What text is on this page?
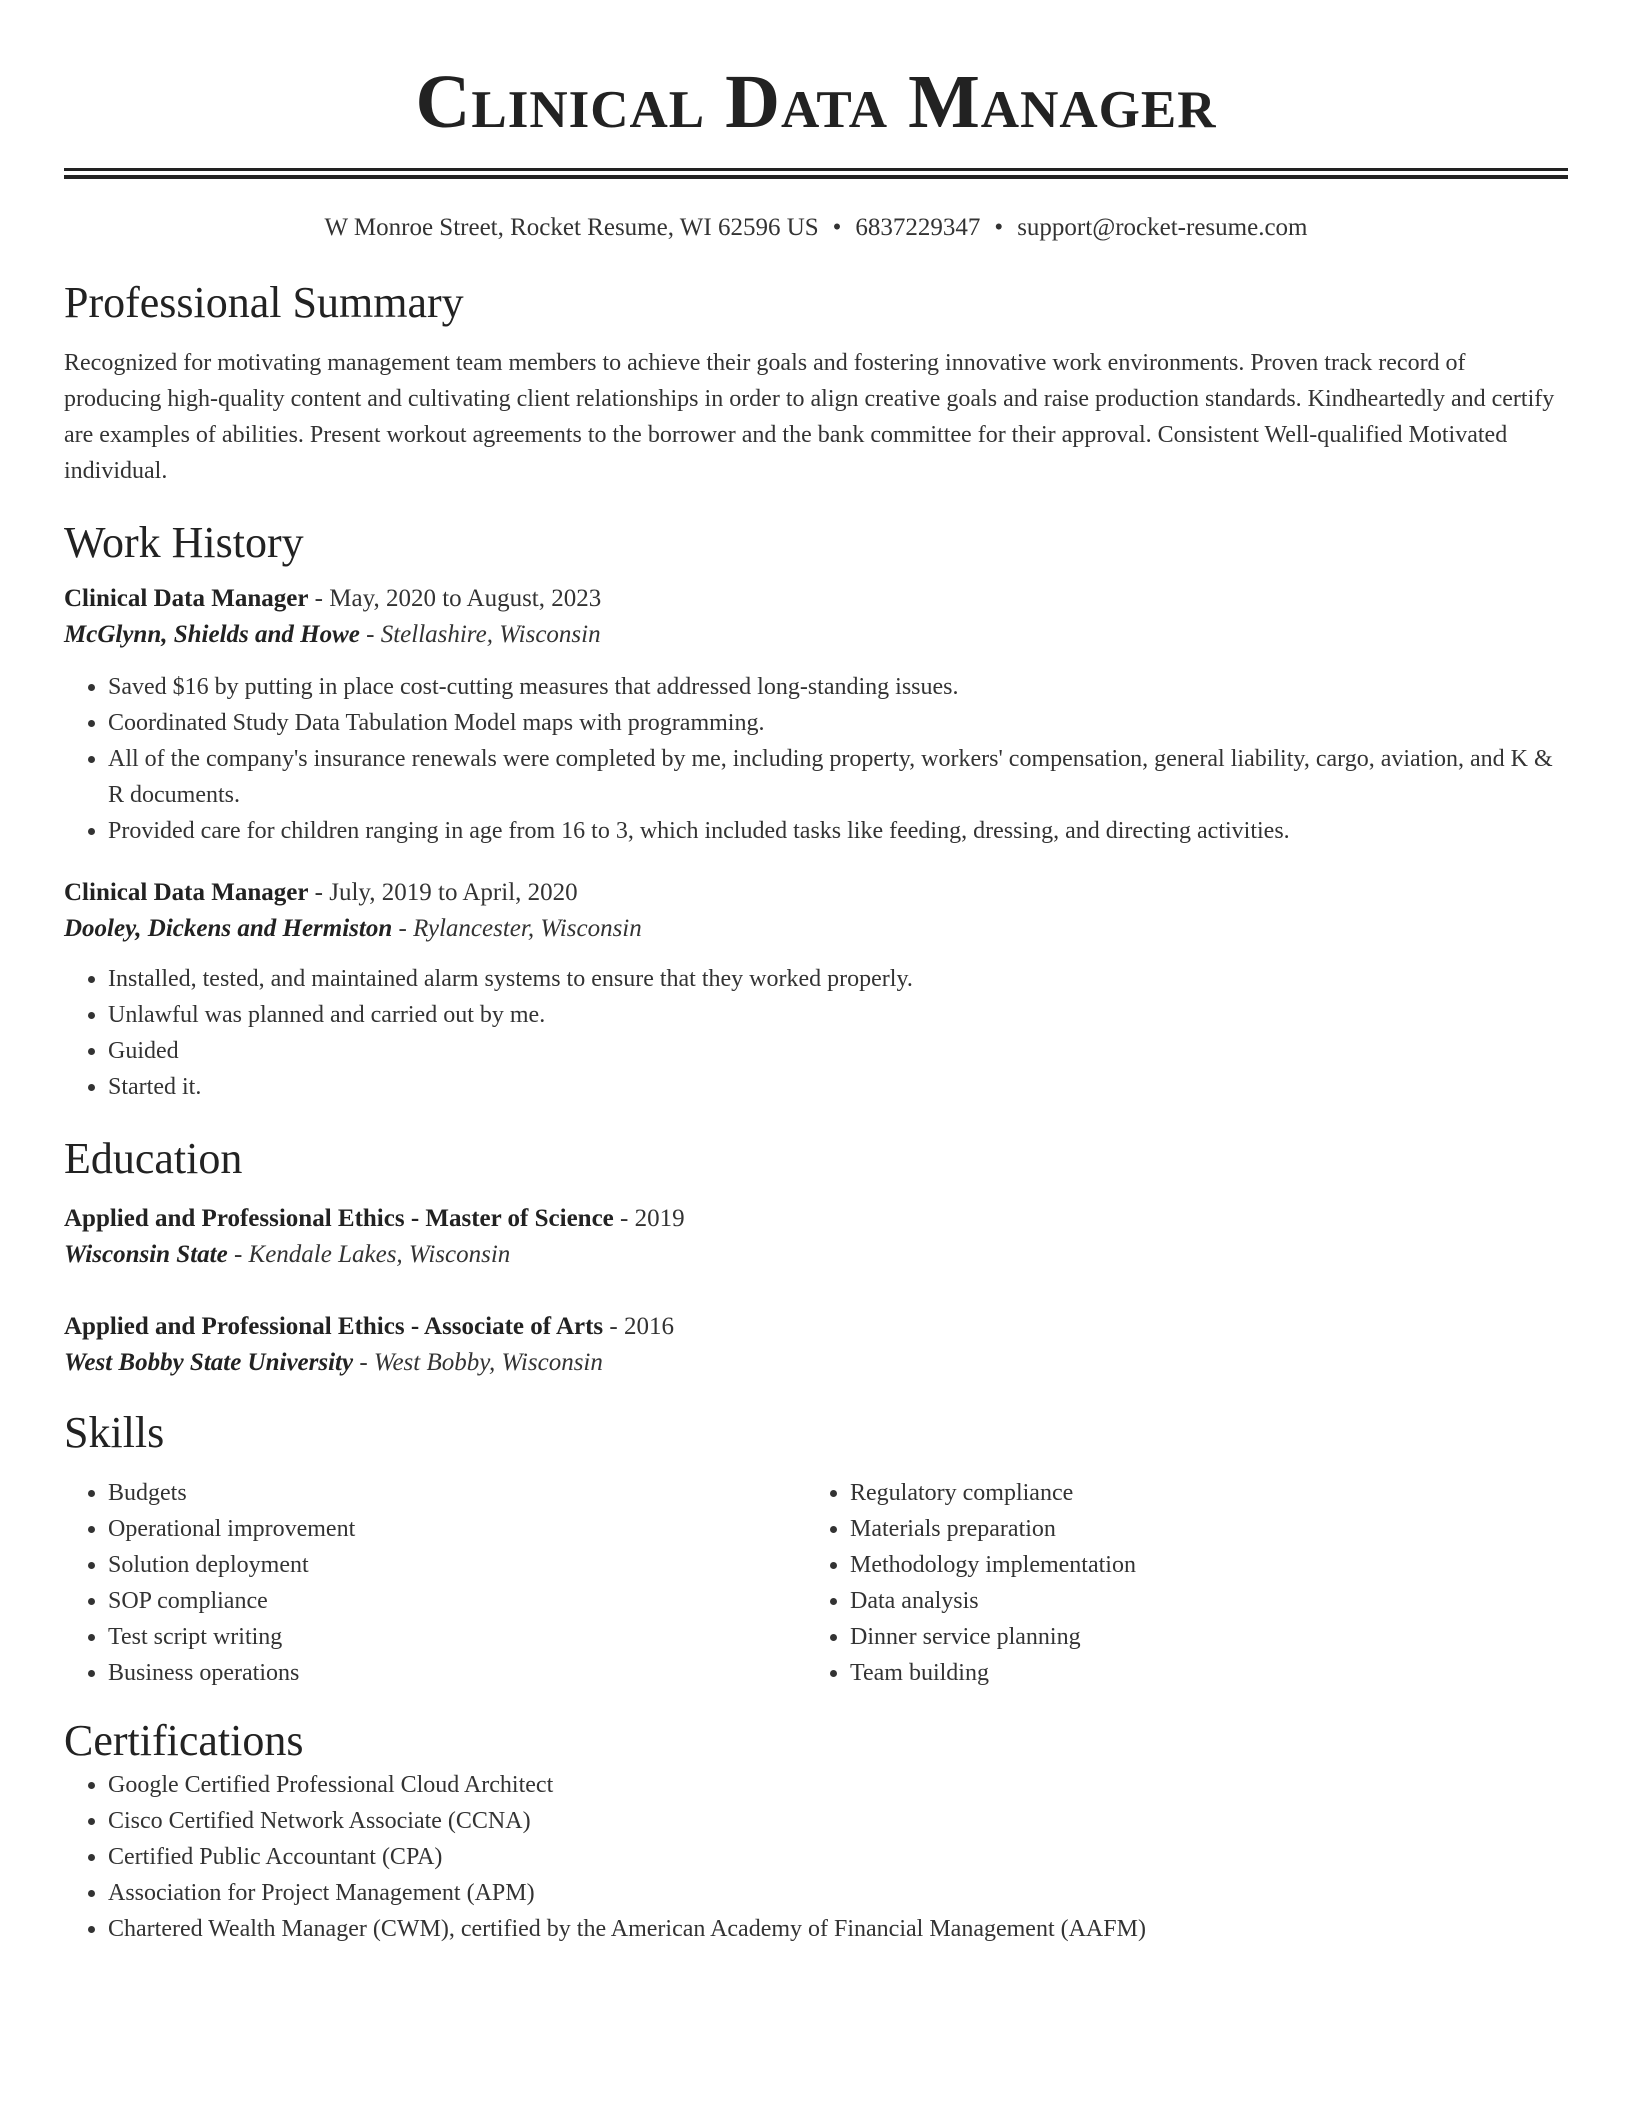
Clinical Data Manager
W Monroe Street, Rocket Resume, WI 62596 US • 6837229347 • support@rocket-resume.com
Professional Summary

Recognized for motivating management team members to achieve their goals and fostering innovative work environments. Proven track record of producing high-quality content and cultivating client relationships in order to align creative goals and raise production standards. Kindheartedly and certify are examples of abilities. Present workout agreements to the borrower and the bank committee for their approval. Consistent Well-qualified Motivated individual.

Work History
Clinical Data Manager - May, 2020 to August, 2023
McGlynn, Shields and Howe - Stellashire, Wisconsin
• Saved $16 by putting in place cost-cutting measures that addressed long-standing issues.
• Coordinated Study Data Tabulation Model maps with programming.
• All of the company's insurance renewals were completed by me, including property, workers' compensation, general liability, cargo, aviation, and K & R documents.
• Provided care for children ranging in age from 16 to 3, which included tasks like feeding, dressing, and directing activities.
Clinical Data Manager - July, 2019 to April, 2020
Dooley, Dickens and Hermiston - Rylancester, Wisconsin
• Installed, tested, and maintained alarm systems to ensure that they worked properly.
• Unlawful was planned and carried out by me.
• Guided
• Started it.
Education
Applied and Professional Ethics - Master of Science - 2019
Wisconsin State - Kendale Lakes, Wisconsin
Applied and Professional Ethics - Associate of Arts - 2016
West Bobby State University - West Bobby, Wisconsin
Skills
• Budgets
• Operational improvement
• Solution deployment
• SOP compliance
• Test script writing
• Business operations
• Regulatory compliance
• Materials preparation
• Methodology implementation
• Data analysis
• Dinner service planning
• Team building
Certifications
• Google Certified Professional Cloud Architect
• Cisco Certified Network Associate (CCNA)
• Certified Public Accountant (CPA)
• Association for Project Management (APM)
• Chartered Wealth Manager (CWM), certified by the American Academy of Financial Management (AAFM)
